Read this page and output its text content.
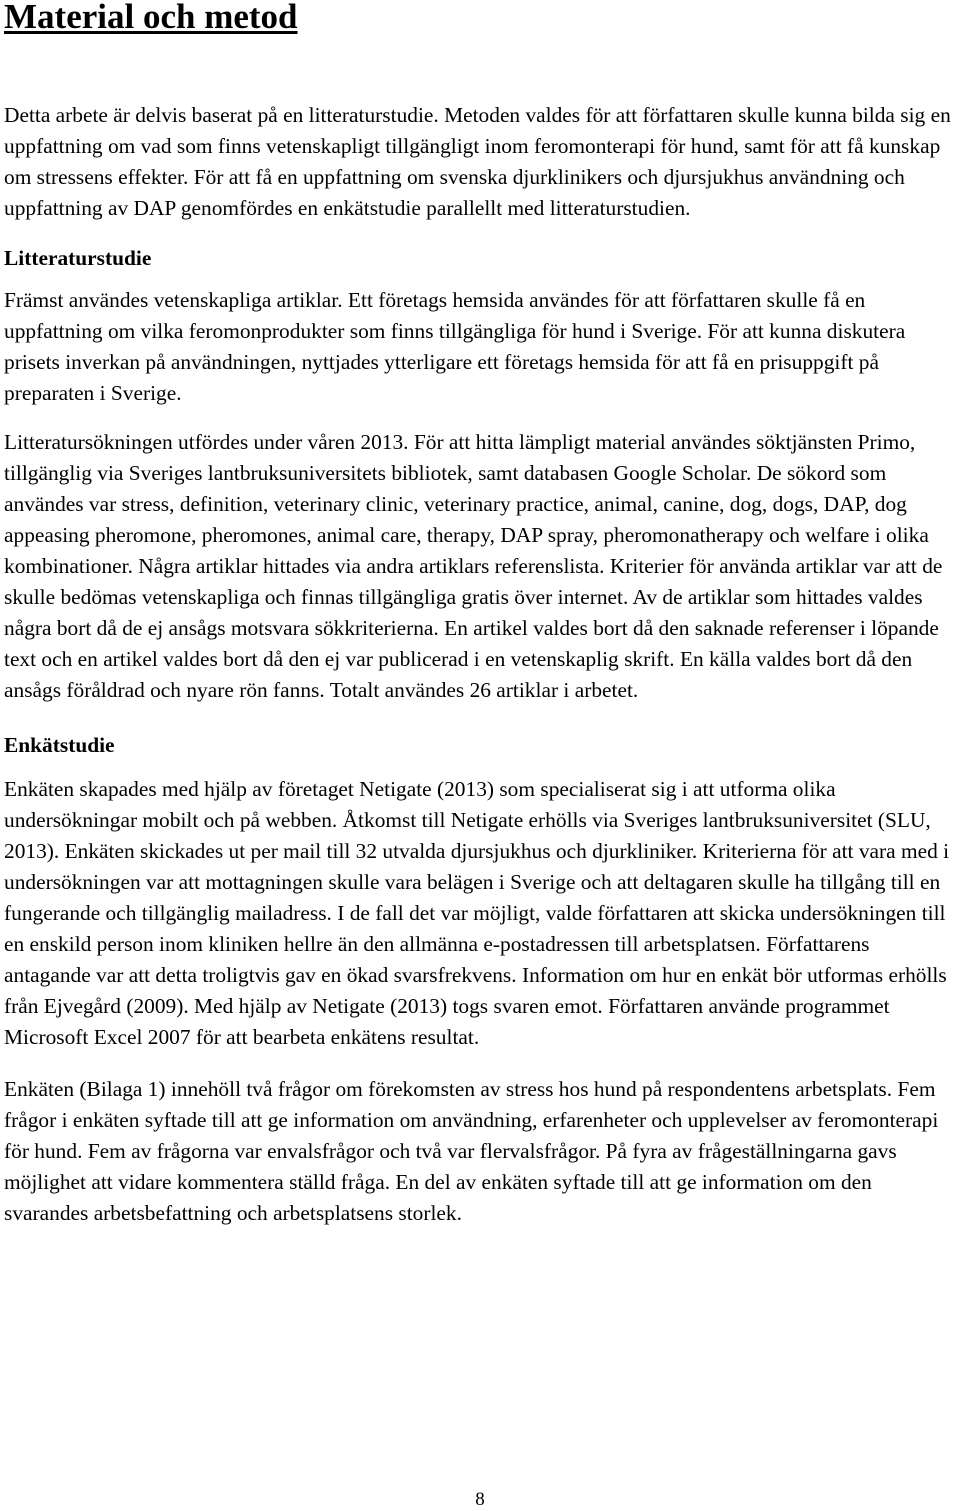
Material och metod

Detta arbete är delvis baserat på en litteraturstudie. Metoden valdes för att författaren skulle kunna bilda sig en uppfattning om vad som finns vetenskapligt tillgängligt inom feromonterapi för hund, samt för att få kunskap om stressens effekter. För att få en uppfattning om svenska djurklinikers och djursjukhus användning och uppfattning av DAP genomfördes en enkätstudie parallellt med litteraturstudien.

Litteraturstudie

Främst användes vetenskapliga artiklar. Ett företags hemsida användes för att författaren skulle få en uppfattning om vilka feromonprodukter som finns tillgängliga för hund i Sverige. För att kunna diskutera prisets inverkan på användningen, nyttjades ytterligare ett företags hemsida för att få en prisuppgift på preparaten i Sverige.

Litteratursökningen utfördes under våren 2013. För att hitta lämpligt material användes söktjänsten Primo, tillgänglig via Sveriges lantbruksuniversitets bibliotek, samt databasen Google Scholar. De sökord som användes var stress, definition, veterinary clinic, veterinary practice, animal, canine, dog, dogs, DAP, dog appeasing pheromone, pheromones, animal care, therapy, DAP spray, pheromonatherapy och welfare i olika kombinationer. Några artiklar hittades via andra artiklars referenslista. Kriterier för använda artiklar var att de skulle bedömas vetenskapliga och finnas tillgängliga gratis över internet. Av de artiklar som hittades valdes några bort då de ej ansågs motsvara sökkriterierna. En artikel valdes bort då den saknade referenser i löpande text och en artikel valdes bort då den ej var publicerad i en vetenskaplig skrift. En källa valdes bort då den ansågs föråldrad och nyare rön fanns. Totalt användes 26 artiklar i arbetet.

Enkätstudie

Enkäten skapades med hjälp av företaget Netigate (2013) som specialiserat sig i att utforma olika undersökningar mobilt och på webben. Åtkomst till Netigate erhölls via Sveriges lantbruksuniversitet (SLU, 2013). Enkäten skickades ut per mail till 32 utvalda djursjukhus och djurkliniker. Kriterierna för att vara med i undersökningen var att mottagningen skulle vara belägen i Sverige och att deltagaren skulle ha tillgång till en fungerande och tillgänglig mailadress. I de fall det var möjligt, valde författaren att skicka undersökningen till en enskild person inom kliniken hellre än den allmänna e-postadressen till arbetsplatsen. Författarens antagande var att detta troligtvis gav en ökad svarsfrekvens. Information om hur en enkät bör utformas erhölls från Ejvegård (2009). Med hjälp av Netigate (2013) togs svaren emot. Författaren använde programmet Microsoft Excel 2007 för att bearbeta enkätens resultat.

Enkäten (Bilaga 1) innehöll två frågor om förekomsten av stress hos hund på respondentens arbetsplats. Fem frågor i enkäten syftade till att ge information om användning, erfarenheter och upplevelser av feromonterapi för hund. Fem av frågorna var envalsfrågor och två var flervalsfrågor. På fyra av frågeställningarna gavs möjlighet att vidare kommentera ställd fråga. En del av enkäten syftade till att ge information om den svarandes arbetsbefattning och arbetsplatsens storlek.

8
